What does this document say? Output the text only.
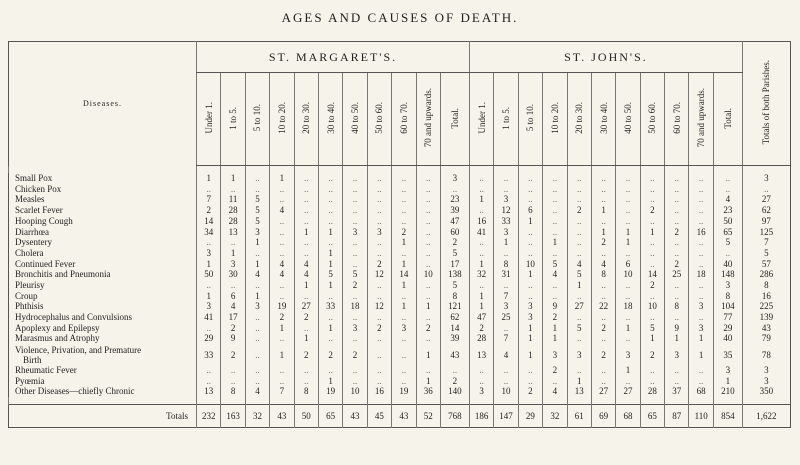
AGES AND CAUSES OF DEATH.
Diseases.	ST. MARGARET'S.											ST. JOHN'S.											Totals of both Parishes.
	Under 1.	1 to 5.	5 to 10.	10 to 20.	20 to 30.	30 to 40.	40 to 50.	50 to 60.	60 to 70.	70 and upwards.	Total.	Under 1.	1 to 5.	5 to 10.	10 to 20.	20 to 30.	30 to 40.	40 to 50.	50 to 60.	60 to 70.	70 and upwards.	Total.	

Small Pox	1	1	..	1	..	..	..	..	..	..	3	..	..	..	..	..	..	..	..	..	..	..	3
Chicken Pox	..	..	..	..	..	..	..	..	..	..	..	..	..	..	..	..	..	..	..	..	..	..	..
Measles	7	11	5	..	..	..	..	..	..	..	23	1	3	..	..	..	..	..	..	..	..	4	27
Scarlet Fever	2	28	5	4	..	..	..	..	..	..	39	..	12	6	..	2	1	..	2	..	..	23	62
Hooping Cough	14	28	5	..	..	..	..	..	..	..	47	16	33	1	..	..	..	..	..	..	..	50	97
Diarrhœa	34	13	3	..	1	1	3	3	2	..	60	41	3	..	..	..	1	1	1	2	16	65	125
Dysentery	..	..	1	..	..	..	..	..	1	..	2	..	1	..	1	..	2	1	..	..	..	5	7
Cholera	3	1	..	..	..	1	..	..	..	..	5	..	..	..	..	..	..	..	..	..	..	..	5
Continued Fever	1	3	1	4	4	1	..	2	1	..	17	1	8	10	5	4	4	6	..	2	..	40	57
Bronchitis and Pneumonia	50	30	4	4	4	5	5	12	14	10	138	32	31	1	4	5	8	10	14	25	18	148	286
Pleurisy	..	..	..	..	1	1	2	..	1	..	5	..	..	..	..	1	..	..	2	..	..	3	8
Croup	1	6	1	..	..	..	..	..	..	..	8	1	7	..	..	..	..	..	..	..	..	8	16
Phthisis	3	4	3	19	27	33	18	12	1	1	121	1	3	3	9	27	22	18	10	8	3	104	225
Hydrocephalus and Convulsions	41	17	..	2	2	..	..	..	..	..	62	47	25	3	2	..	..	..	..	..	..	77	139
Apoplexy and Epilepsy	..	2	..	1	..	1	3	2	3	2	14	2	..	1	1	5	2	1	5	9	3	29	43
Marasmus and Atrophy	29	9	..	..	1	..	..	..	..	..	39	28	7	1	1	..	..	..	1	1	1	40	79
Violence, Privation, and Premature
Birth	33	2	..	1	2	2	2	..	..	1	43	13	4	1	3	3	2	3	2	3	1	35	78
Rheumatic Fever	..	..	..	..	..	..	..	..	..	..	..	..	..	..	2	..	..	1	..	..	..	3	3
Pyœmia	..	..	..	..	..	1	..	..	..	1	2	..	..	..	..	1	..	..	..	..	..	1	3
Other Diseases—chiefly Chronic	13	8	4	7	8	19	10	16	19	36	140	3	10	2	4	13	27	27	28	37	68	210	350

Totals	232	163	32	43	50	65	43	45	43	52	768	186	147	29	32	61	69	68	65	87	110	854	1,622
